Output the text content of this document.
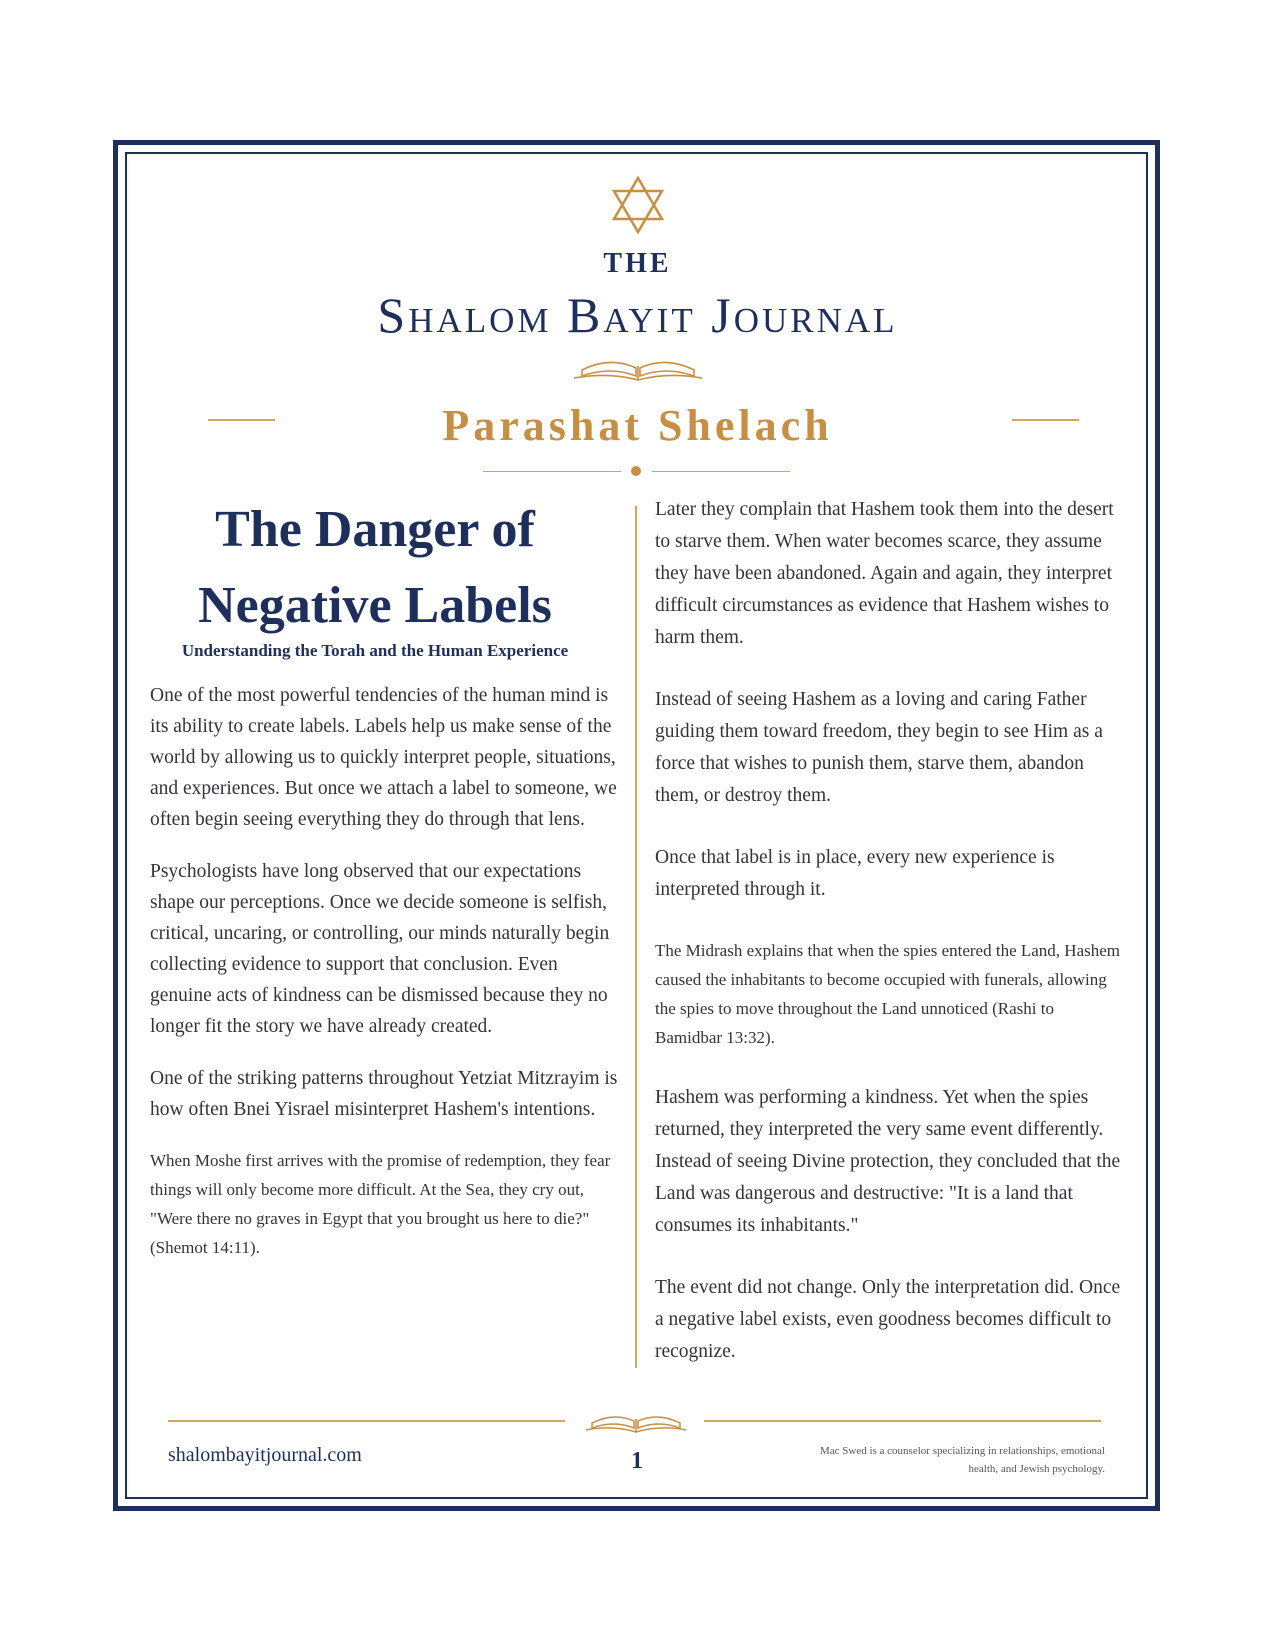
THE
Shalom Bayit Journal
Parashat Shelach
The Danger of
Negative Labels
Understanding the Torah and the Human Experience

One of the most powerful tendencies of the human mind is its ability to create labels. Labels help us make sense of the world by allowing us to quickly interpret people, situations, and experiences. But once we attach a label to someone, we often begin seeing everything they do through that lens.

Psychologists have long observed that our expectations shape our perceptions. Once we decide someone is selfish, critical, uncaring, or controlling, our minds naturally begin collecting evidence to support that conclusion. Even genuine acts of kindness can be dismissed because they no longer fit the story we have already created.

One of the striking patterns throughout Yetziat Mitzrayim is how often Bnei Yisrael misinterpret Hashem's intentions.

When Moshe first arrives with the promise of redemption, they fear things will only become more difficult. At the Sea, they cry out, "Were there no graves in Egypt that you brought us here to die?" (Shemot 14:11).

Later they complain that Hashem took them into the desert to starve them. When water becomes scarce, they assume they have been abandoned. Again and again, they interpret difficult circumstances as evidence that Hashem wishes to harm them.

Instead of seeing Hashem as a loving and caring Father guiding them toward freedom, they begin to see Him as a force that wishes to punish them, starve them, abandon them, or destroy them.

Once that label is in place, every new experience is interpreted through it.

The Midrash explains that when the spies entered the Land, Hashem caused the inhabitants to become occupied with funerals, allowing the spies to move throughout the Land unnoticed (Rashi to Bamidbar 13:32).

Hashem was performing a kindness. Yet when the spies returned, they interpreted the very same event differently. Instead of seeing Divine protection, they concluded that the Land was dangerous and destructive: "It is a land that consumes its inhabitants."

The event did not change. Only the interpretation did. Once a negative label exists, even goodness becomes difficult to recognize.

shalombayitjournal.com	1	Mac Swed is a counselor specializing in relationships, emotional health, and Jewish psychology.
